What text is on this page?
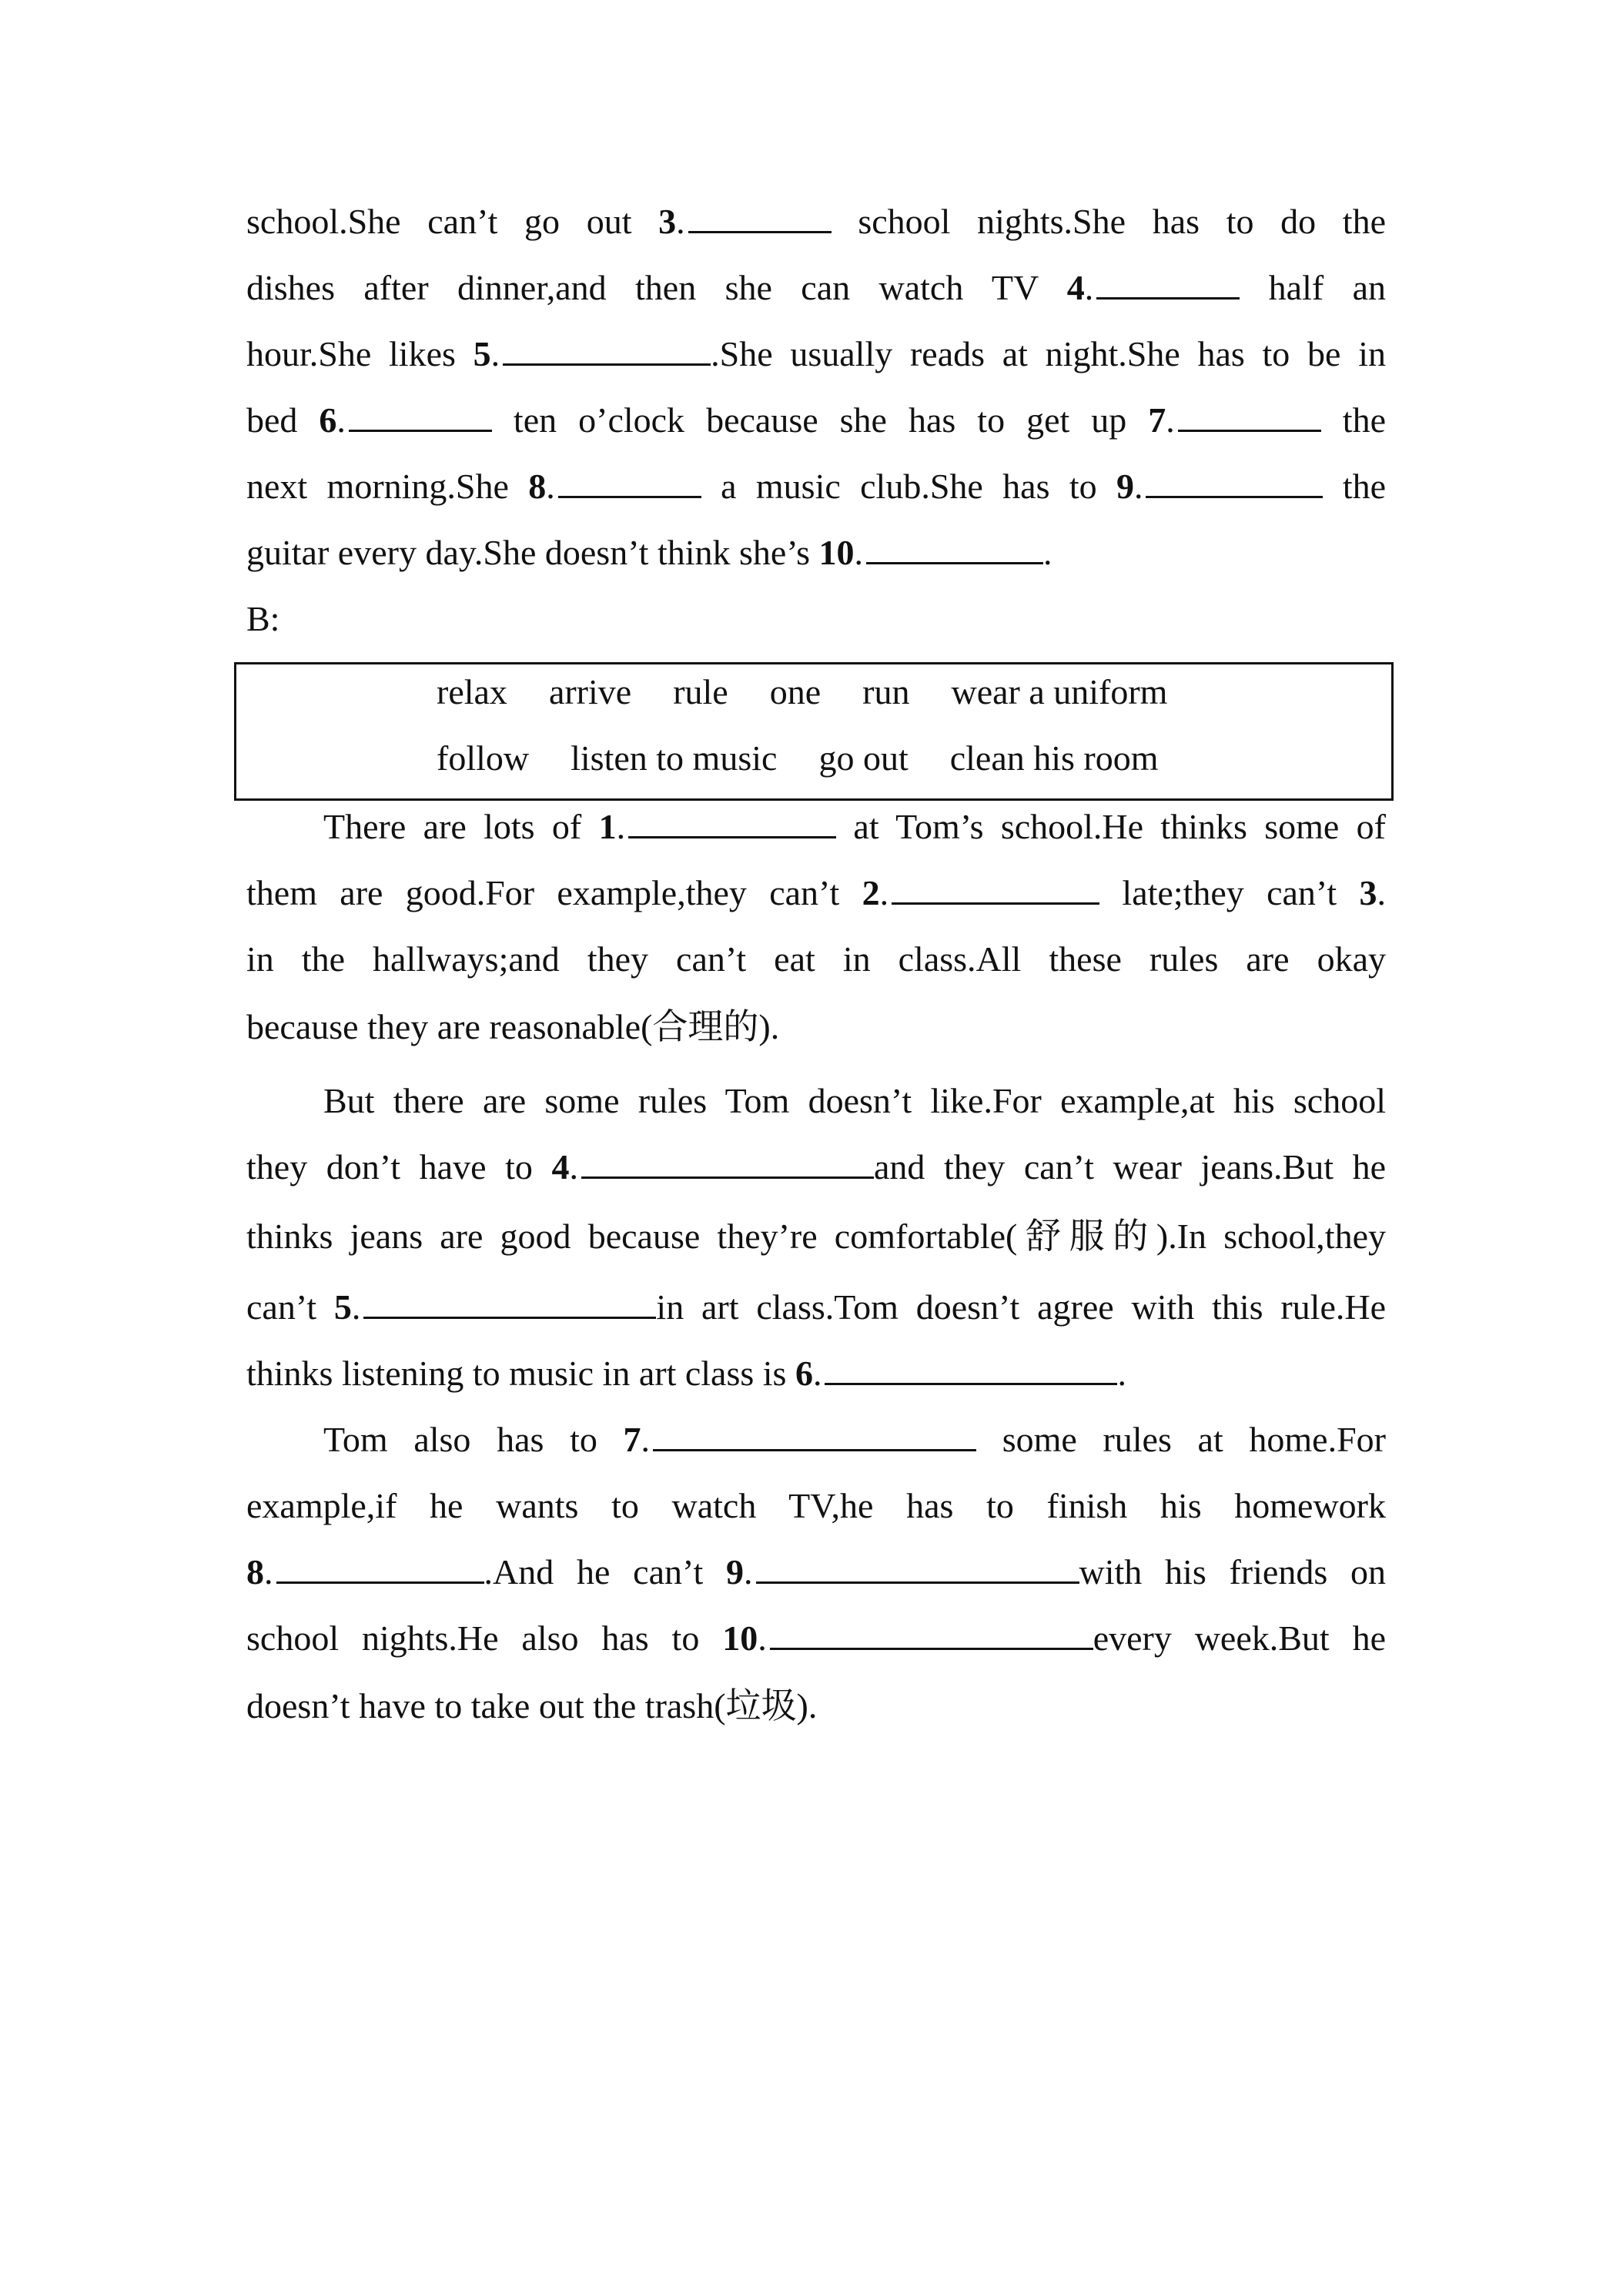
school.She can’t go out 3.	school nights.She has to do the
dishes after dinner,and then she can watch TV 4.	half an
hour.She likes 5.	.She usually reads at night.She has to be in
bed 6.	ten o’clock because she has to get up 7.	the
next morning.She 8.	a music club.She has to 9.	the
guitar every day.She doesn’t think she’s 10.	.
B:
relax arrive rule one run wear a uniform
follow listen to music go out clean his room
There are lots of 1.	at Tom’s school.He thinks some of
them are good.For example,they can’t 2.	late;they can’t 3.
in the hallways;and they can’t eat in class.All these rules are okay
because they are reasonable(合理的).
But there are some rules Tom doesn’t like.For example,at his school
they don’t have to 4.	and they can’t wear jeans.But he
thinks jeans are good because they’re comfortable(舒服的).In school,they
can’t 5.	in art class.Tom doesn’t agree with this rule.He
thinks listening to music in art class is 6.	.
Tom also has to 7.	some rules at home.For
example,if he wants to watch TV,he has to finish his homework
8.	.And he can’t 9.	with his friends on
school nights.He also has to 10.	every week.But he
doesn’t have to take out the trash(垃圾).
